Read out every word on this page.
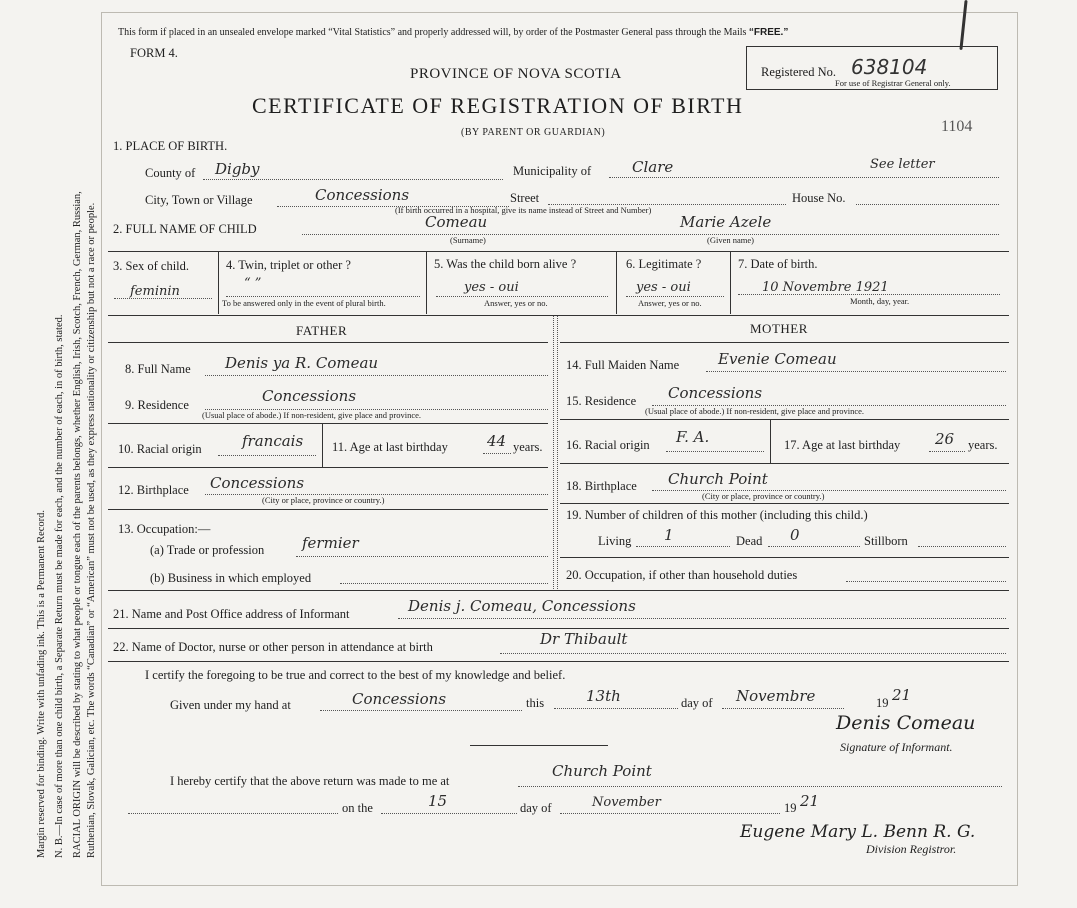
Margin reserved for binding. Write with unfading ink. This is a Permanent Record. N. B.—In case of more than one child birth, a Separate Return must be made for each, and the number of each, in of birth, stated. RACIAL ORIGIN will be described by stating to what people or tongue each of the parents belongs, whether English, Irish, Scotch, French, German, Russian, Ruthenian, Slovak, Galician, etc. The words “Canadian” or “American” must not be used, as they express nationality or citizenship but not a race or people.
This form if placed in an unsealed envelope marked “Vital Statistics” and properly addressed will, by order of the Postmaster General pass through the Mails “FREE.”
FORM 4.
PROVINCE OF NOVA SCOTIA
CERTIFICATE OF REGISTRATION OF BIRTH
(BY PARENT OR GUARDIAN)
Registered No. 638104
For use of Registrar General only.
1104
1. PLACE OF BIRTH.
County of Digby	Municipality of	Clare	See letter
City, Town or Village	Concessions	Street	House No.
(If birth occurred in a hospital, give its name instead of Street and Number)
2. FULL NAME OF CHILD	Comeau
(Surname)
Marie Azele
(Given name)
3. Sex of child.
feminin
4. Twin, triplet or other ?
“ ”
To be answered only in the event of plural birth.
5. Was the child born alive ?
yes - oui
Answer, yes or no.
6. Legitimate ?
yes - oui
Answer, yes or no.
7. Date of birth.
10 Novembre 1921
Month, day, year.
FATHER	MOTHER
8. Full Name Denis ya R. Comeau
9. Residence	Concessions
(Usual place of abode.) If non-resident, give place and province.
10. Racial origin	francais 11. Age at last birthday	44 years.
12. Birthplace Concessions
(City or place, province or country.)
13. Occupation:—
(a) Trade or profession	fermier
(b) Business in which employed
14. Full Maiden Name	Evenie Comeau
15. Residence Concessions
(Usual place of abode.) If non-resident, give place and province.
16. Racial origin F. A.	17. Age at last birthday 26 years.
18. Birthplace Church Point
(City or place, province or country.)
19. Number of children of this mother (including this child.)
Living 1	Dead 0	Stillborn
20. Occupation, if other than household duties
21. Name and Post Office address of Informant	Denis j. Comeau, Concessions
22. Name of Doctor, nurse or other person in attendance at birth	Dr Thibault
I certify the foregoing to be true and correct to the best of my knowledge and belief.
Given under my hand at	Concessions	this	13th	day of Novembre	19 21
Denis Comeau
Signature of Informant.
I hereby certify that the above return was made to me at
Church Point
on the	15	day of	November	19 21
Eugene Mary L. Benn R. G.
Division Registror.
